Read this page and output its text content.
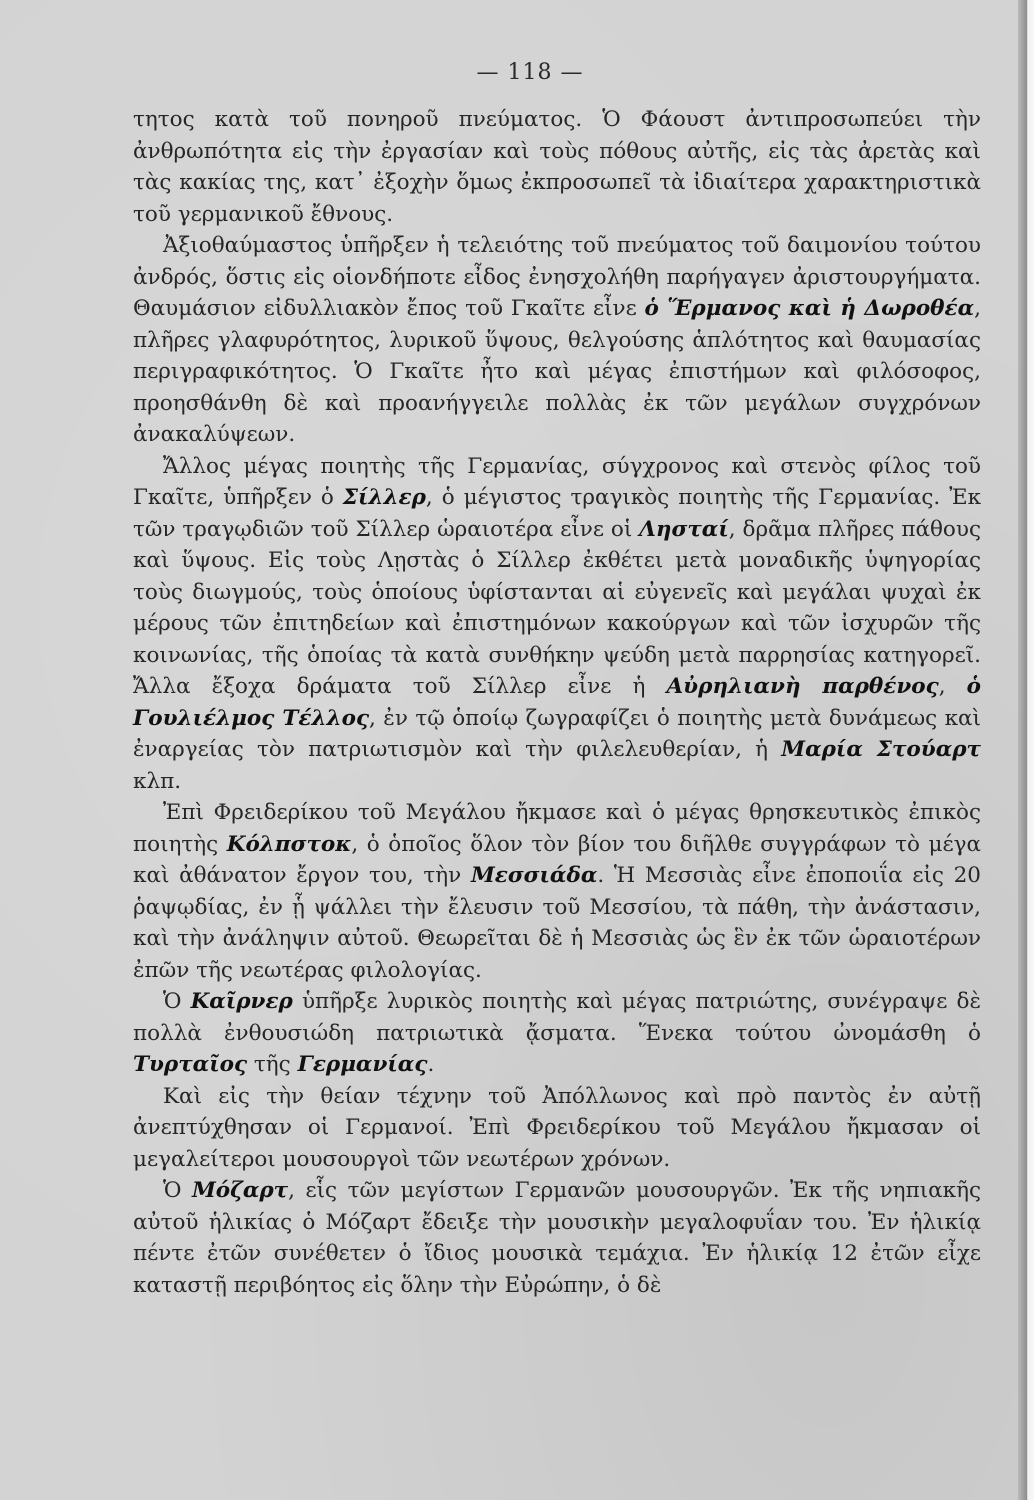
— 118 —

τητος κατὰ τοῦ πονηροῦ πνεύματος. Ὁ Φάουστ ἀντιπροσωπεύει τὴν ἀνθρωπότητα εἰς τὴν ἐργασίαν καὶ τοὺς πόθους αὐτῆς, εἰς τὰς ἀρετὰς καὶ τὰς κακίας της, κατ᾽ ἐξοχὴν ὅμως ἐκπροσωπεῖ τὰ ἰδιαίτερα χαρακτηριστικὰ τοῦ γερμανικοῦ ἔθνους.

Ἀξιοθαύμαστος ὑπῆρξεν ἡ τελειότης τοῦ πνεύματος τοῦ δαιμονίου τούτου ἀνδρός, ὅστις εἰς οἱονδήποτε εἶδος ἐνησχολήθη παρήγαγεν ἀριστουργήματα. Θαυμάσιον εἰδυλλιακὸν ἔπος τοῦ Γκαῖτε εἶνε ὁ Ἕρμανος καὶ ἡ Δωροθέα, πλῆρες γλαφυρότητος, λυρικοῦ ὕψους, θελγούσης ἁπλότητος καὶ θαυμασίας περιγραφικότητος. Ὁ Γκαῖτε ἦτο καὶ μέγας ἐπιστήμων καὶ φιλόσοφος, προησθάνθη δὲ καὶ προανήγγειλε πολλὰς ἐκ τῶν μεγάλων συγχρόνων ἀνακαλύψεων.

Ἄλλος μέγας ποιητὴς τῆς Γερμανίας, σύγχρονος καὶ στενὸς φίλος τοῦ Γκαῖτε, ὑπῆρξεν ὁ Σίλλερ, ὁ μέγιστος τραγικὸς ποιητὴς τῆς Γερμανίας. Ἐκ τῶν τραγῳδιῶν τοῦ Σίλλερ ὡραιοτέρα εἶνε οἱ Λησταί, δρᾶμα πλῆρες πάθους καὶ ὕψους. Εἰς τοὺς Λῃστὰς ὁ Σίλλερ ἐκθέτει μετὰ μοναδικῆς ὑψηγορίας τοὺς διωγμούς, τοὺς ὁποίους ὑφίστανται αἱ εὐγενεῖς καὶ μεγάλαι ψυχαὶ ἐκ μέρους τῶν ἐπιτηδείων καὶ ἐπιστημόνων κακούργων καὶ τῶν ἰσχυρῶν τῆς κοινωνίας, τῆς ὁποίας τὰ κατὰ συνθήκην ψεύδη μετὰ παρρησίας κατηγορεῖ. Ἄλλα ἔξοχα δράματα τοῦ Σίλλερ εἶνε ἡ Αὐρηλιανὴ παρθένος, ὁ Γουλιέλμος Τέλλος, ἐν τῷ ὁποίῳ ζωγραφίζει ὁ ποιητὴς μετὰ δυνάμεως καὶ ἐναργείας τὸν πατριωτισμὸν καὶ τὴν φιλελευθερίαν, ἡ Μαρία Στούαρτ κλπ.

Ἐπὶ Φρειδερίκου τοῦ Μεγάλου ἤκμασε καὶ ὁ μέγας θρησκευτικὸς ἐπικὸς ποιητὴς Κόλπστοκ, ὁ ὁποῖος ὅλον τὸν βίον του διῆλθε συγγράφων τὸ μέγα καὶ ἀθάνατον ἔργον του, τὴν Μεσσιάδα. Ἡ Μεσσιὰς εἶνε ἐποποιΐα εἰς 20 ῥαψῳδίας, ἐν ᾗ ψάλλει τὴν ἔλευσιν τοῦ Μεσσίου, τὰ πάθη, τὴν ἀνάστασιν, καὶ τὴν ἀνάληψιν αὐτοῦ. Θεωρεῖται δὲ ἡ Μεσσιὰς ὡς ἓν ἐκ τῶν ὡραιοτέρων ἐπῶν τῆς νεωτέρας φιλολογίας.

Ὁ Καῖρνερ ὑπῆρξε λυρικὸς ποιητὴς καὶ μέγας πατριώτης, συνέγραψε δὲ πολλὰ ἐνθουσιώδη πατριωτικὰ ᾄσματα. Ἕνεκα τούτου ὠνομάσθη ὁ Τυρταῖος τῆς Γερμανίας.

Καὶ εἰς τὴν θείαν τέχνην τοῦ Ἀπόλλωνος καὶ πρὸ παντὸς ἐν αὐτῇ ἀνεπτύχθησαν οἱ Γερμανοί. Ἐπὶ Φρειδερίκου τοῦ Μεγάλου ἤκμασαν οἱ μεγαλείτεροι μουσουργοὶ τῶν νεωτέρων χρόνων.

Ὁ Μόζαρτ, εἷς τῶν μεγίστων Γερμανῶν μουσουργῶν. Ἐκ τῆς νηπιακῆς αὐτοῦ ἡλικίας ὁ Μόζαρτ ἔδειξε τὴν μουσικὴν μεγαλοφυΐαν του. Ἐν ἡλικίᾳ πέντε ἐτῶν συνέθετεν ὁ ἴδιος μουσικὰ τεμάχια. Ἐν ἡλικίᾳ 12 ἐτῶν εἶχε καταστῇ περιβόητος εἰς ὅλην τὴν Εὐρώπην, ὁ δὲ
